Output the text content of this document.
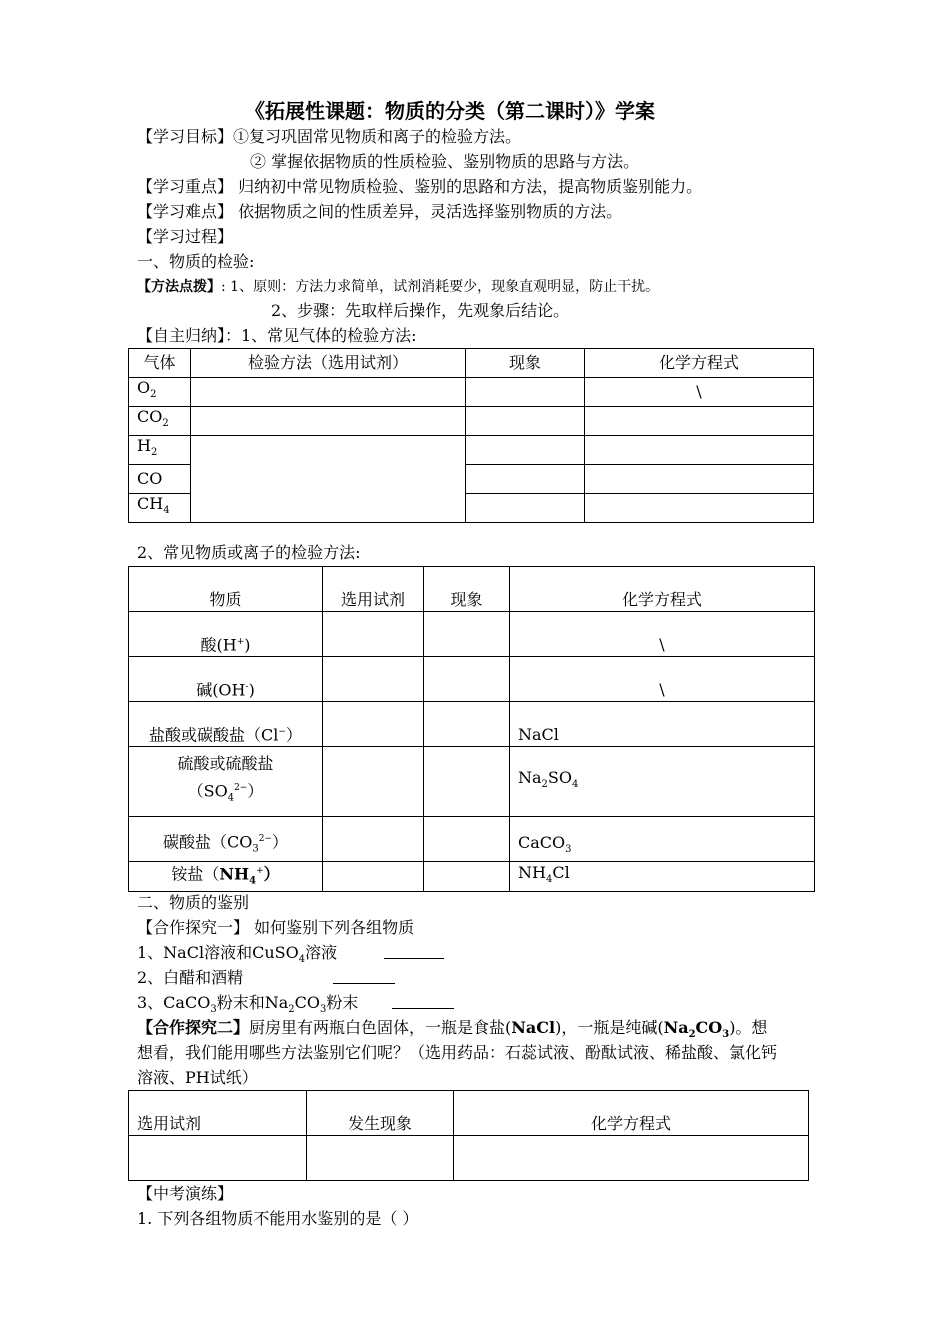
《拓展性课题：物质的分类（第二课时）》学案
【学习目标】①复习巩固常见物质和离子的检验方法。
② 掌握依据物质的性质检验、鉴别物质的思路与方法。
【学习重点】 归纳初中常见物质检验、鉴别的思路和方法，提高物质鉴别能力。
【学习难点】 依据物质之间的性质差异，灵活选择鉴别物质的方法。
【学习过程】
一、物质的检验:
【方法点拨】: 1、原则：方法力求简单，试剂消耗要少，现象直观明显，防止干扰。
2、步骤：先取样后操作，先观象后结论。
【自主归纳】：1、常见气体的检验方法:
气体	检验方法（选用试剂）	现象	化学方程式
$O_2$			\
$CO_2$			
$H_2$			
CO			
$CH_4$		
2、常见物质或离子的检验方法:
物质	选用试剂	现象	化学方程式
酸(H+)			\
碱(OH-)			\
盐酸或碳酸盐（Cl−）			NaCl
硫酸或硫酸盐
$(SO_4^{2-})$			$Na_2SO_4$
碳酸盐$(CO_3^{2-})$			CaCO$_3$
铵盐$(NH_4^+)$			$NH_4Cl$
二、物质的鉴别
【合作探究一】 如何鉴别下列各组物质
1、NaCl溶液和CuSO$_4$溶液
2、白醋和酒精
3、CaCO$_3$粉末和$Na_2CO_3$粉末
【合作探究二】厨房里有两瓶白色固体，一瓶是食盐(NaCl)，一瓶是纯碱$(Na_2CO_3)$。想
想看，我们能用哪些方法鉴别它们呢？（选用药品：石蕊试液、酚酞试液、稀盐酸、氯化钙
溶液、PH试纸）
选用试剂	发生现象	化学方程式

【中考演练】
1. 下列各组物质不能用水鉴别的是（ ）
